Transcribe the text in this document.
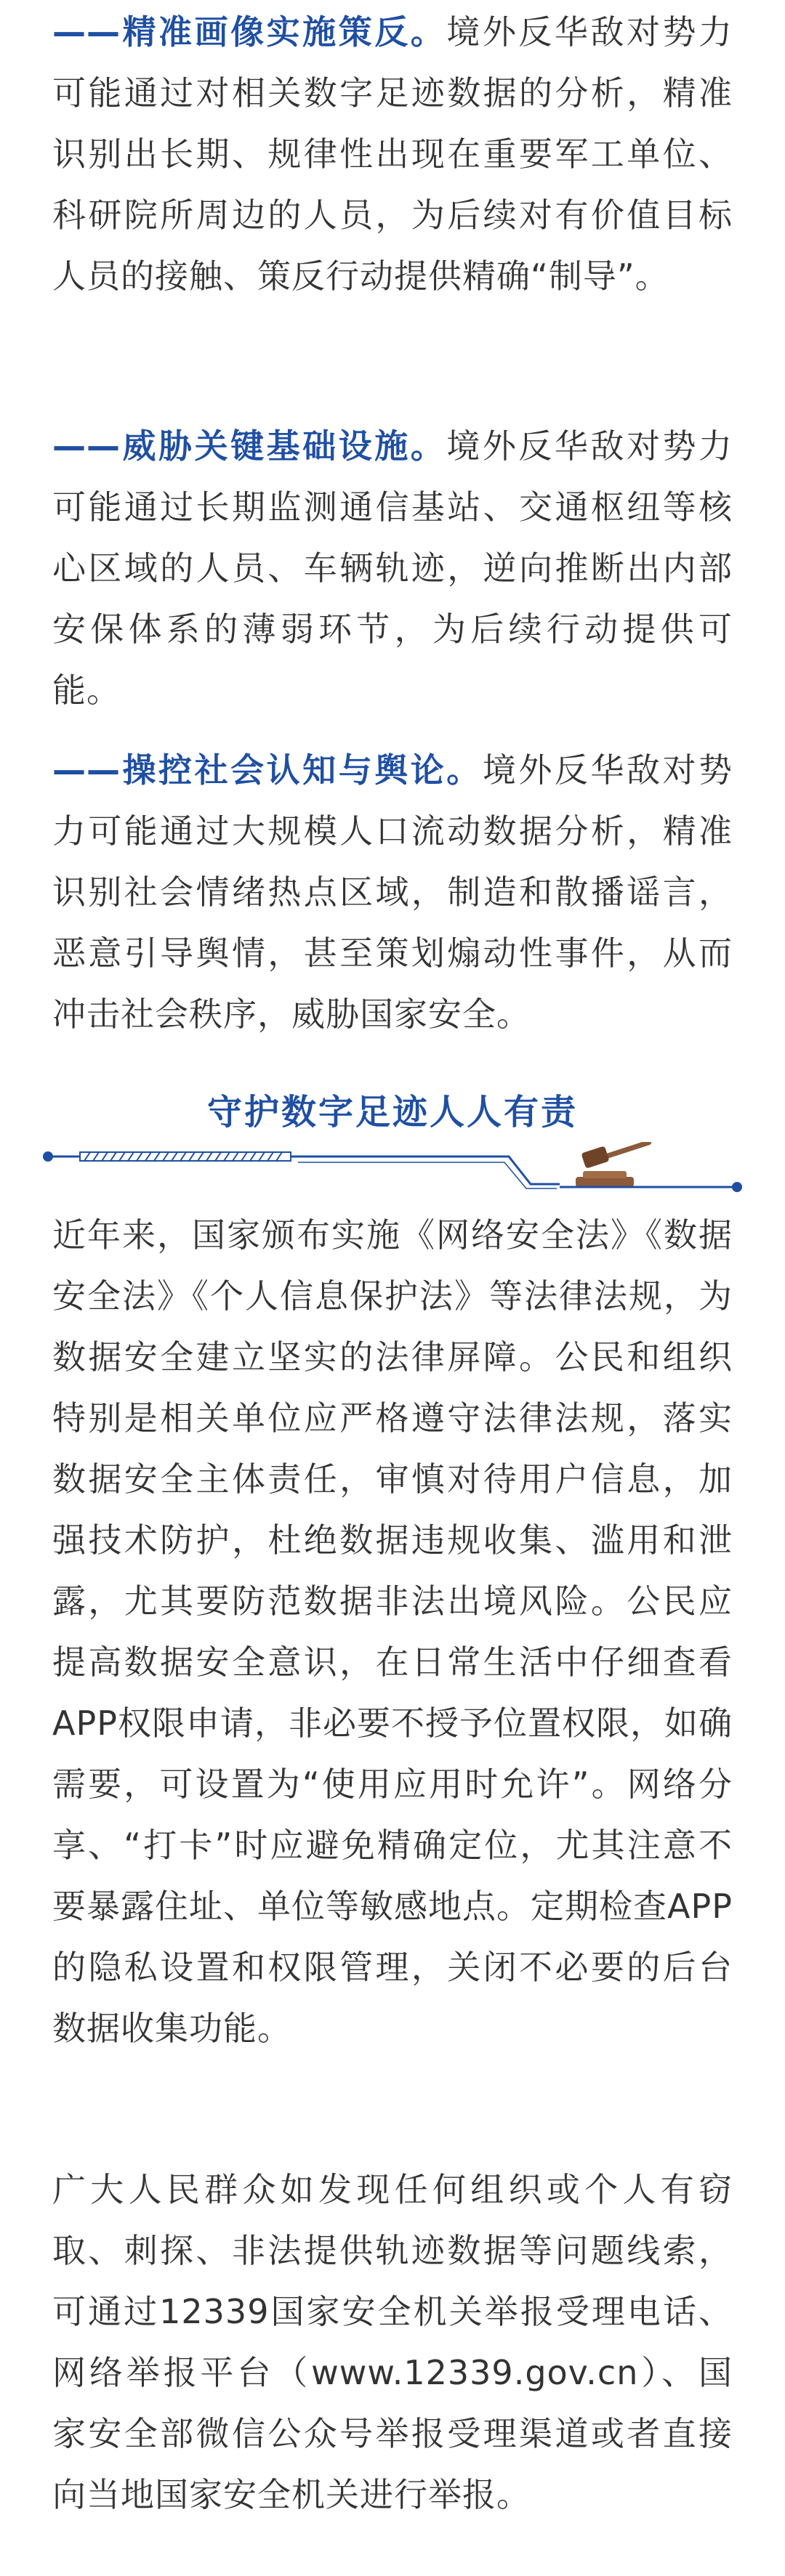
——精准画像实施策反。境外反华敌对势力可能通过对相关数字足迹数据的分析，精准识别出长期、规律性出现在重要军工单位、科研院所周边的人员，为后续对有价值目标人员的接触、策反行动提供精确“制导”。

——威胁关键基础设施。境外反华敌对势力可能通过长期监测通信基站、交通枢纽等核心区域的人员、车辆轨迹，逆向推断出内部安保体系的薄弱环节，为后续行动提供可能。

——操控社会认知与舆论。境外反华敌对势力可能通过大规模人口流动数据分析，精准识别社会情绪热点区域，制造和散播谣言，恶意引导舆情，甚至策划煽动性事件，从而冲击社会秩序，威胁国家安全。

近年来，国家颁布实施《网络安全法》《数据安全法》《个人信息保护法》等法律法规，为数据安全建立坚实的法律屏障。公民和组织特别是相关单位应严格遵守法律法规，落实数据安全主体责任，审慎对待用户信息，加强技术防护，杜绝数据违规收集、滥用和泄露，尤其要防范数据非法出境风险。公民应提高数据安全意识，在日常生活中仔细查看APP权限申请，非必要不授予位置权限，如确需要，可设置为“使用应用时允许”。网络分享、“打卡”时应避免精确定位，尤其注意不要暴露住址、单位等敏感地点。定期检查APP的隐私设置和权限管理，关闭不必要的后台数据收集功能。

广大人民群众如发现任何组织或个人有窃取、刺探、非法提供轨迹数据等问题线索，可通过12339国家安全机关举报受理电话、网络举报平台（www.12339.gov.cn）、国家安全部微信公众号举报受理渠道或者直接向当地国家安全机关进行举报。

守护数字足迹人人有责
